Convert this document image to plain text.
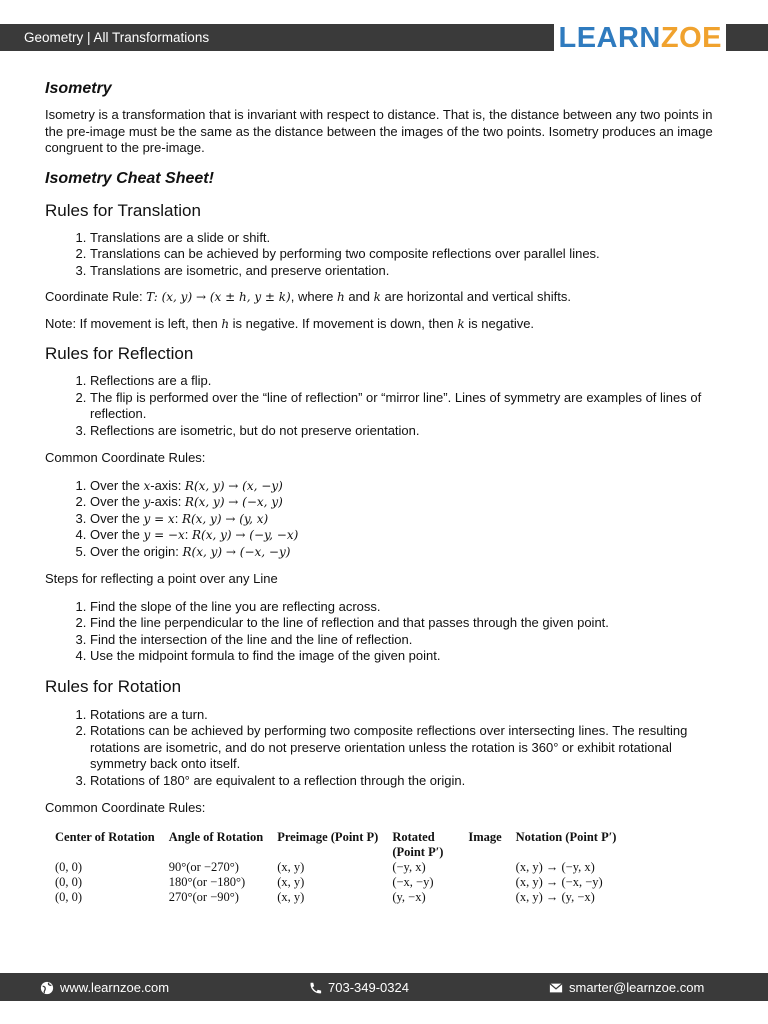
Geometry | All Transformations	LEARNZOE
Isometry

Isometry is a transformation that is invariant with respect to distance. That is, the distance between any two points in the pre-image must be the same as the distance between the images of the two points. Isometry produces an image congruent to the pre-image.

Isometry Cheat Sheet!
Rules for Translation
1. Translations are a slide or shift.
2. Translations can be achieved by performing two composite reflections over parallel lines.
3. Translations are isometric, and preserve orientation.

Coordinate Rule: T: (x, y) → (x ± h, y ± k), where h and k are horizontal and vertical shifts.

Note: If movement is left, then h is negative. If movement is down, then k is negative.

Rules for Reflection
1. Reflections are a flip.
2. The flip is performed over the “line of reflection” or “mirror line”. Lines of symmetry are examples of lines of reflection.
3. Reflections are isometric, but do not preserve orientation.

Common Coordinate Rules:

1. Over the x-axis: R(x, y) → (x, −y)
2. Over the y-axis: R(x, y) → (−x, y)
3. Over the y = x: R(x, y) → (y, x)
4. Over the y = −x: R(x, y) → (−y, −x)
5. Over the origin: R(x, y) → (−x, −y)

Steps for reflecting a point over any Line

1. Find the slope of the line you are reflecting across.
2. Find the line perpendicular to the line of reflection and that passes through the given point.
3. Find the intersection of the line and the line of reflection.
4. Use the midpoint formula to find the image of the given point.
Rules for Rotation
1. Rotations are a turn.
2. Rotations can be achieved by performing two composite reflections over intersecting lines. The resulting rotations are isometric, and do not preserve orientation unless the rotation is 360° or exhibit rotational symmetry back onto itself.
3. Rotations of 180° are equivalent to a reflection through the origin.

Common Coordinate Rules:

Center of Rotation	Angle of Rotation	Preimage (Point P)	Rotated (Point P′)	Image	Notation (Point P′)
(0, 0)	90°(or −270°)	(x, y)	(−y, x)		(x, y) → (−y, x)
(0, 0)	180°(or −180°)	(x, y)	(−x, −y)		(x, y) → (−x, −y)
(0, 0)	270°(or −90°)	(x, y)	(y, −x)		(x, y) → (y, −x)
www.learnzoe.com	703-349-0324	smarter@learnzoe.com
